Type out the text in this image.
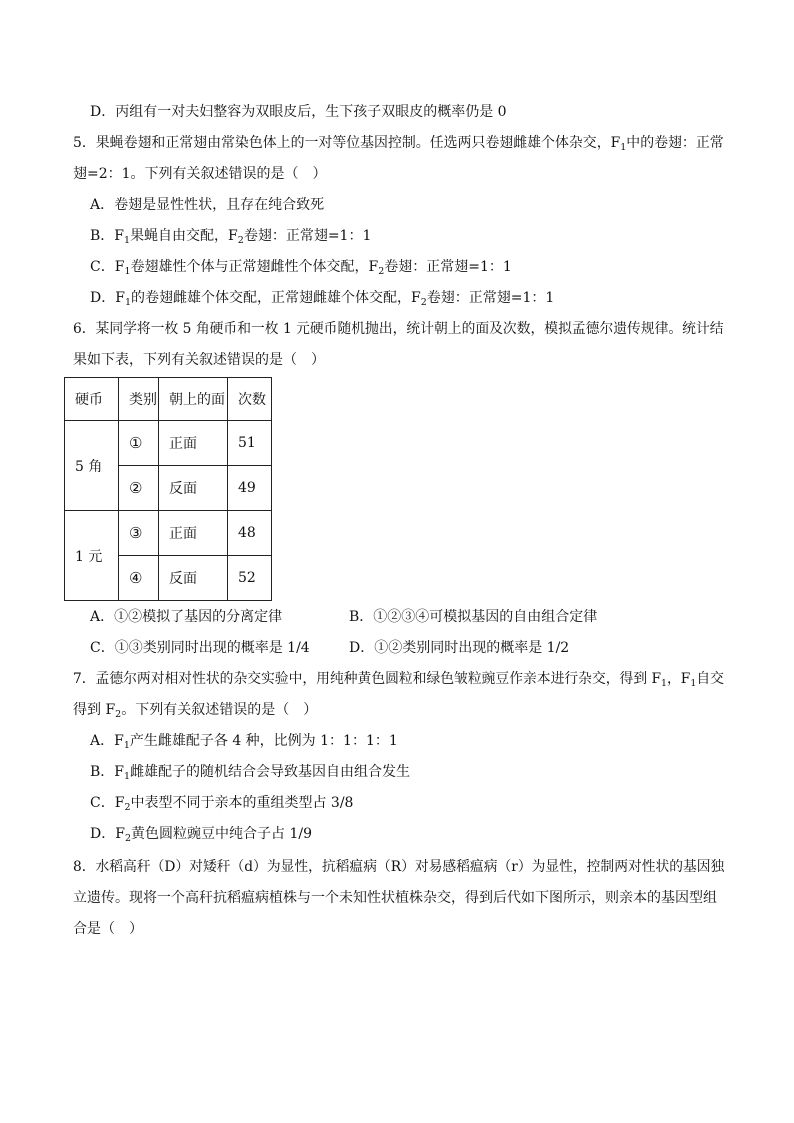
D．丙组有一对夫妇整容为双眼皮后，生下孩子双眼皮的概率仍是 0
5．果蝇卷翅和正常翅由常染色体上的一对等位基因控制。任选两只卷翅雌雄个体杂交，$F_1$中的卷翅：正常
翅=2：1。下列有关叙述错误的是（　）
A．卷翅是显性性状，且存在纯合致死
B．$F_1$果蝇自由交配，$F_2$卷翅：正常翅=1：1
C．$F_1$卷翅雄性个体与正常翅雌性个体交配，$F_2$卷翅：正常翅=1：1
D．$F_1$的卷翅雌雄个体交配，正常翅雌雄个体交配，$F_2$卷翅：正常翅=1：1
6．某同学将一枚 5 角硬币和一枚 1 元硬币随机抛出，统计朝上的面及次数，模拟孟德尔遗传规律。统计结
果如下表，下列有关叙述错误的是（　）
硬币	类别	朝上的面	次数
5 角	①	正面	51
	②	反面	49
1 元	③	正面	48
	④	反面	52
A．①②模拟了基因的分离定律	B．①②③④可模拟基因的自由组合定律
C．①③类别同时出现的概率是 1/4	D．①②类别同时出现的概率是 1/2
7．孟德尔两对相对性状的杂交实验中，用纯种黄色圆粒和绿色皱粒豌豆作亲本进行杂交，得到 $F_1$，$F_1$自交
得到 $F_2$。下列有关叙述错误的是（　）
A．$F_1$产生雌雄配子各 4 种，比例为 1：1：1：1
B．$F_1$雌雄配子的随机结合会导致基因自由组合发生
C．$F_2$中表型不同于亲本的重组类型占 3/8
D．$F_2$黄色圆粒豌豆中纯合子占 1/9
8．水稻高秆（D）对矮秆（d）为显性，抗稻瘟病（R）对易感稻瘟病（r）为显性，控制两对性状的基因独
立遗传。现将一个高秆抗稻瘟病植株与一个未知性状植株杂交，得到后代如下图所示，则亲本的基因型组
合是（　）
